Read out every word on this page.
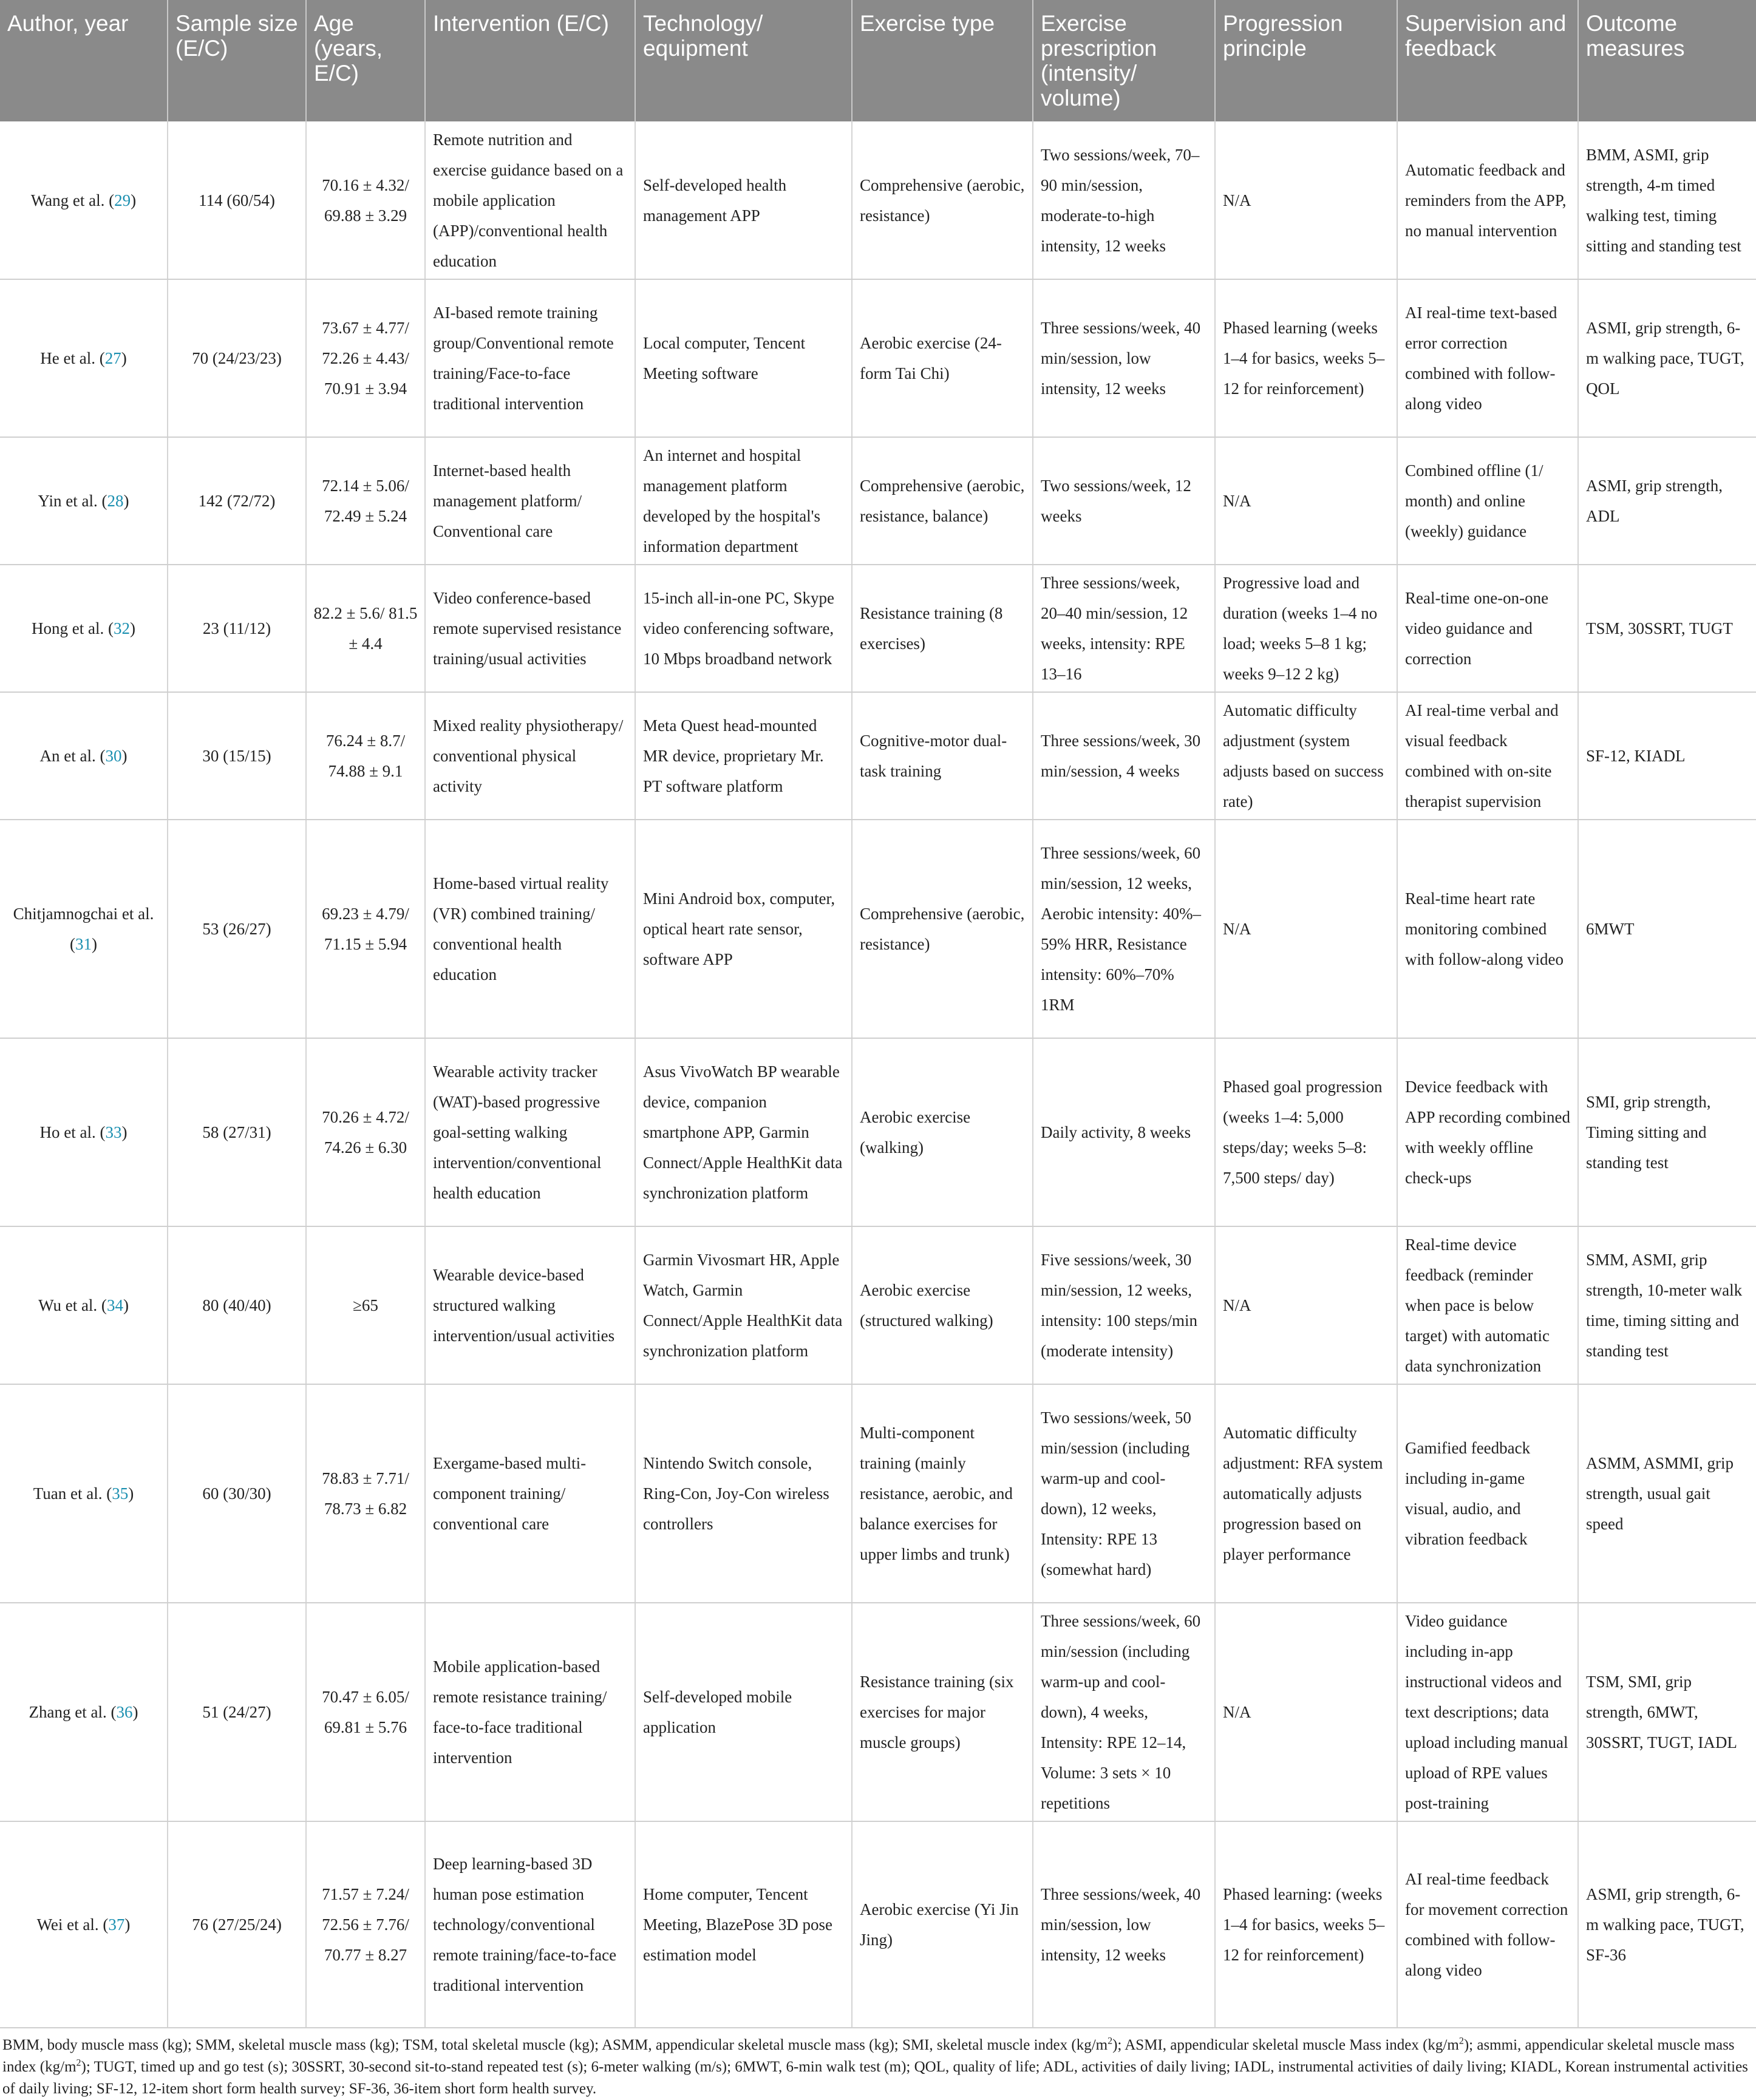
Author, year	Sample size (E/C)	Age (years, E/C)	Intervention (E/C)	Technology/ equipment	Exercise type	Exercise prescription (intensity/ volume)	Progression principle	Supervision and feedback	Outcome measures
Wang et al. (29)	114 (60/54)	70.16 ± 4.32/ 69.88 ± 3.29	Remote nutrition and exercise guidance based on a mobile application (APP)/conventional health education	Self-developed health management APP	Comprehensive (aerobic, resistance)	Two sessions/week, 70–90 min/session, moderate-to-high intensity, 12 weeks	N/A	Automatic feedback and reminders from the APP, no manual intervention	BMM, ASMI, grip strength, 4-m timed walking test, timing sitting and standing test
He et al. (27)	70 (24/23/23)	73.67 ± 4.77/ 72.26 ± 4.43/ 70.91 ± 3.94	AI-based remote training group/Conventional remote training/Face-to-face traditional intervention	Local computer, Tencent Meeting software	Aerobic exercise (24-form Tai Chi)	Three sessions/week, 40 min/session, low intensity, 12 weeks	Phased learning (weeks 1–4 for basics, weeks 5–12 for reinforcement)	AI real-time text-based error correction combined with follow-along video	ASMI, grip strength, 6-m walking pace, TUGT, QOL
Yin et al. (28)	142 (72/72)	72.14 ± 5.06/ 72.49 ± 5.24	Internet-based health management platform/ Conventional care	An internet and hospital management platform developed by the hospital's information department	Comprehensive (aerobic, resistance, balance)	Two sessions/week, 12 weeks	N/A	Combined offline (1/ month) and online (weekly) guidance	ASMI, grip strength, ADL
Hong et al. (32)	23 (11/12)	82.2 ± 5.6/ 81.5 ± 4.4	Video conference-based remote supervised resistance training/usual activities	15-inch all-in-one PC, Skype video conferencing software, 10 Mbps broadband network	Resistance training (8 exercises)	Three sessions/week, 20–40 min/session, 12 weeks, intensity: RPE 13–16	Progressive load and duration (weeks 1–4 no load; weeks 5–8 1 kg; weeks 9–12 2 kg)	Real-time one-on-one video guidance and correction	TSM, 30SSRT, TUGT
An et al. (30)	30 (15/15)	76.24 ± 8.7/ 74.88 ± 9.1	Mixed reality physiotherapy/ conventional physical activity	Meta Quest head-mounted MR device, proprietary Mr. PT software platform	Cognitive-motor dual-task training	Three sessions/week, 30 min/session, 4 weeks	Automatic difficulty adjustment (system adjusts based on success rate)	AI real-time verbal and visual feedback combined with on-site therapist supervision	SF-12, KIADL
Chitjamnogchai et al. (31)	53 (26/27)	69.23 ± 4.79/ 71.15 ± 5.94	Home-based virtual reality (VR) combined training/ conventional health education	Mini Android box, computer, optical heart rate sensor, software APP	Comprehensive (aerobic, resistance)	Three sessions/week, 60 min/session, 12 weeks, Aerobic intensity: 40%–59% HRR, Resistance intensity: 60%–70% 1RM	N/A	Real-time heart rate monitoring combined with follow-along video	6MWT
Ho et al. (33)	58 (27/31)	70.26 ± 4.72/ 74.26 ± 6.30	Wearable activity tracker (WAT)-based progressive goal-setting walking intervention/conventional health education	Asus VivoWatch BP wearable device, companion smartphone APP, Garmin Connect/Apple HealthKit data synchronization platform	Aerobic exercise (walking)	Daily activity, 8 weeks	Phased goal progression (weeks 1–4: 5,000 steps/day; weeks 5–8: 7,500 steps/ day)	Device feedback with APP recording combined with weekly offline check-ups	SMI, grip strength, Timing sitting and standing test
Wu et al. (34)	80 (40/40)	≥65	Wearable device-based structured walking intervention/usual activities	Garmin Vivosmart HR, Apple Watch, Garmin Connect/Apple HealthKit data synchronization platform	Aerobic exercise (structured walking)	Five sessions/week, 30 min/session, 12 weeks, intensity: 100 steps/min (moderate intensity)	N/A	Real-time device feedback (reminder when pace is below target) with automatic data synchronization	SMM, ASMI, grip strength, 10-meter walk time, timing sitting and standing test
Tuan et al. (35)	60 (30/30)	78.83 ± 7.71/ 78.73 ± 6.82	Exergame-based multi-component training/ conventional care	Nintendo Switch console, Ring-Con, Joy-Con wireless controllers	Multi-component training (mainly resistance, aerobic, and balance exercises for upper limbs and trunk)	Two sessions/week, 50 min/session (including warm-up and cool-down), 12 weeks, Intensity: RPE 13 (somewhat hard)	Automatic difficulty adjustment: RFA system automatically adjusts progression based on player performance	Gamified feedback including in-game visual, audio, and vibration feedback	ASMM, ASMMI, grip strength, usual gait speed
Zhang et al. (36)	51 (24/27)	70.47 ± 6.05/ 69.81 ± 5.76	Mobile application-based remote resistance training/ face-to-face traditional intervention	Self-developed mobile application	Resistance training (six exercises for major muscle groups)	Three sessions/week, 60 min/session (including warm-up and cool-down), 4 weeks, Intensity: RPE 12–14, Volume: 3 sets × 10 repetitions	N/A	Video guidance including in-app instructional videos and text descriptions; data upload including manual upload of RPE values post-training	TSM, SMI, grip strength, 6MWT, 30SSRT, TUGT, IADL
Wei et al. (37)	76 (27/25/24)	71.57 ± 7.24/ 72.56 ± 7.76/ 70.77 ± 8.27	Deep learning-based 3D human pose estimation technology/conventional remote training/face-to-face traditional intervention	Home computer, Tencent Meeting, BlazePose 3D pose estimation model	Aerobic exercise (Yi Jin Jing)	Three sessions/week, 40 min/session, low intensity, 12 weeks	Phased learning: (weeks 1–4 for basics, weeks 5–12 for reinforcement)	AI real-time feedback for movement correction combined with follow-along video	ASMI, grip strength, 6-m walking pace, TUGT, SF-36

BMM, body muscle mass (kg); SMM, skeletal muscle mass (kg); TSM, total skeletal muscle (kg); ASMM, appendicular skeletal muscle mass (kg); SMI, skeletal muscle index $(kg/m^2)$; ASMI, appendicular skeletal muscle Mass index $(kg/m^2)$; asmmi, appendicular skeletal muscle mass index $(kg/m^2)$; TUGT, timed up and go test (s); 30SSRT, 30-second sit-to-stand repeated test (s); 6-meter walking (m/s); 6MWT, 6-min walk test (m); QOL, quality of life; ADL, activities of daily living; IADL, instrumental activities of daily living; KIADL, Korean instrumental activities of daily living; SF-12, 12-item short form health survey; SF-36, 36-item short form health survey.
